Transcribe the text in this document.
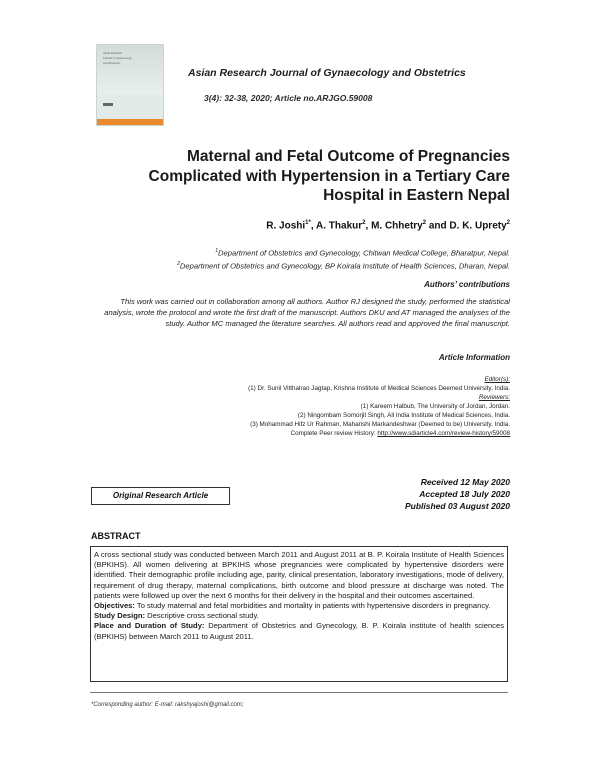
Asian Research
Journal of Gynaecology
and Obstetrics
Asian Research Journal of Gynaecology and Obstetrics
3(4): 32-38, 2020; Article no.ARJGO.59008
Maternal and Fetal Outcome of Pregnancies
Complicated with Hypertension in a Tertiary Care
Hospital in Eastern Nepal
R. Joshi$^{1*}$, A. Thakur$^2$, M. Chhetry$^2$ and D. K. Uprety$^2$
$^1$Department of Obstetrics and Gynecology, Chitwan Medical College, Bharatpur, Nepal.
$^2$Department of Obstetrics and Gynecology, BP Koirala Institute of Health Sciences, Dharan, Nepal.
Authors’ contributions
This work was carried out in collaboration among all authors. Author RJ designed the study, performed the statistical analysis, wrote the protocol and wrote the first draft of the manuscript. Authors DKU and AT managed the analyses of the study. Author MC managed the literature searches. All authors read and approved the final manuscript.
Article Information
Editor(s):
(1) Dr. Sunil Vitthalrao Jagtap, Krishna Institute of Medical Sciences Deemed University, India.
Reviewers:
(1) Kareem Halbub, The University of Jordan, Jordan.
(2) Ningombam Somorjit Singh, All India Institute of Medical Sciences, India.
(3) Mohammad Hifz Ur Rahman, Maharishi Markandeshwar (Deemed to be) University, India.
Complete Peer review History: http://www.sdiarticle4.com/review-history/59008
Received 12 May 2020
Accepted 18 July 2020
Published 03 August 2020
Original Research Article
ABSTRACT

A cross sectional study was conducted between March 2011 and August 2011 at B. P. Koirala Institute of Health Sciences (BPKIHS). All women delivering at BPKIHS whose pregnancies were complicated by hypertensive disorders were identified. Their demographic profile including age, parity, clinical presentation, laboratory investigations, mode of delivery, requirement of drug therapy, maternal complications, birth outcome and blood pressure at discharge was noted. The patients were followed up over the next 6 months for their delivery in the hospital and their outcomes ascertained.

Objectives: To study maternal and fetal morbidities and mortality in patients with hypertensive disorders in pregnancy.

Study Design: Descriptive cross sectional study.

Place and Duration of Study: Department of Obstetrics and Gynecology, B. P. Koirala institute of health sciences (BPKIHS) between March 2011 to August 2011.

*Corresponding author: E-mail: rakshyajoshi@gmail.com;
